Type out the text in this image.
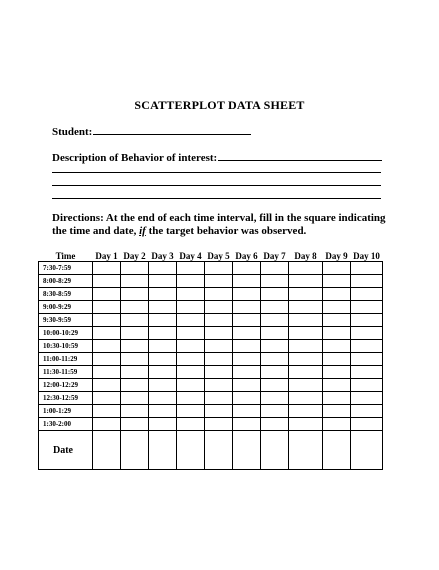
SCATTERPLOT DATA SHEET
Student:
Description of Behavior of interest:
Directions: At the end of each time interval, fill in the square indicating the time and date, if the target behavior was observed.
Time	Day 1	Day 2	Day 3	Day 4	Day 5	Day 6	Day 7	Day 8	Day 9	Day 10
7:30-7:59										
8:00-8:29										
8:30-8:59										
9:00-9:29										
9:30-9:59										
10:00-10:29										
10:30-10:59										
11:00-11:29										
11:30-11:59										
12:00-12:29										
12:30-12:59										
1:00-1:29										
1:30-2:00										
Date										
